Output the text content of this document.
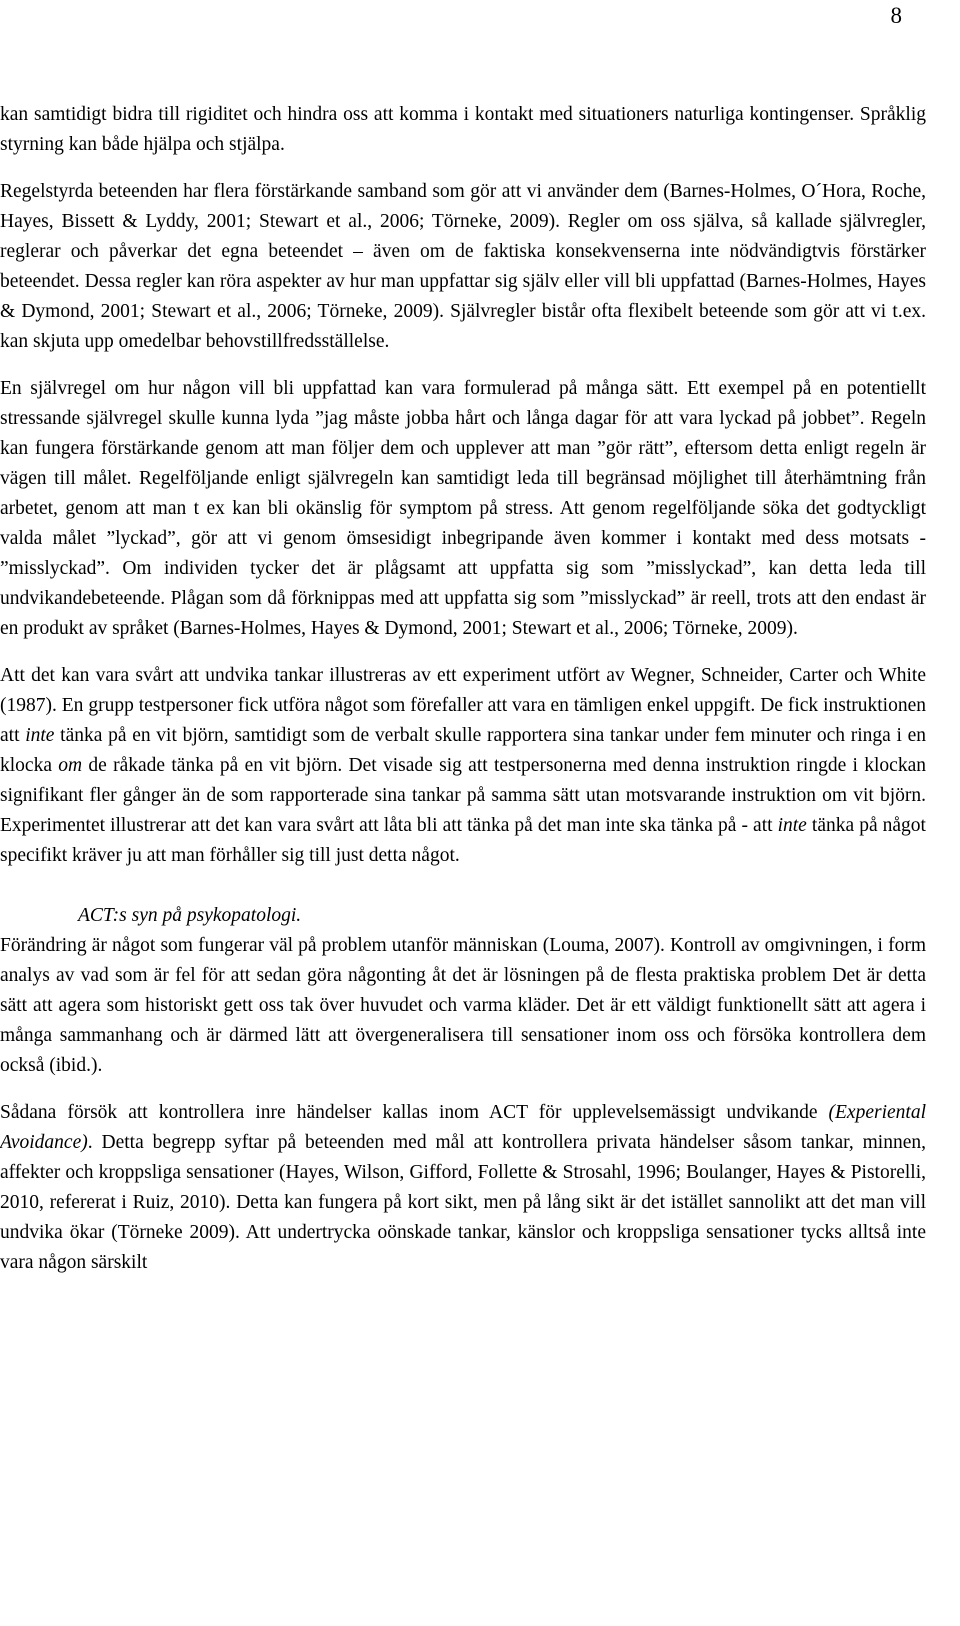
8

kan samtidigt bidra till rigiditet och hindra oss att komma i kontakt med situationers naturliga kontingenser. Språklig styrning kan både hjälpa och stjälpa.

Regelstyrda beteenden har flera förstärkande samband som gör att vi använder dem (Barnes-Holmes, O´Hora, Roche, Hayes, Bissett & Lyddy, 2001; Stewart et al., 2006; Törneke, 2009). Regler om oss själva, så kallade självregler, reglerar och påverkar det egna beteendet – även om de faktiska konsekvenserna inte nödvändigtvis förstärker beteendet. Dessa regler kan röra aspekter av hur man uppfattar sig själv eller vill bli uppfattad (Barnes-Holmes, Hayes & Dymond, 2001; Stewart et al., 2006; Törneke, 2009). Självregler bistår ofta flexibelt beteende som gör att vi t.ex. kan skjuta upp omedelbar behovstillfredsställelse.

En självregel om hur någon vill bli uppfattad kan vara formulerad på många sätt. Ett exempel på en potentiellt stressande självregel skulle kunna lyda ”jag måste jobba hårt och långa dagar för att vara lyckad på jobbet”. Regeln kan fungera förstärkande genom att man följer dem och upplever att man ”gör rätt”, eftersom detta enligt regeln är vägen till målet. Regelföljande enligt självregeln kan samtidigt leda till begränsad möjlighet till återhämtning från arbetet, genom att man t ex kan bli okänslig för symptom på stress. Att genom regelföljande söka det godtyckligt valda målet ”lyckad”, gör att vi genom ömsesidigt inbegripande även kommer i kontakt med dess motsats - ”misslyckad”. Om individen tycker det är plågsamt att uppfatta sig som ”misslyckad”, kan detta leda till undvikandebeteende. Plågan som då förknippas med att uppfatta sig som ”misslyckad” är reell, trots att den endast är en produkt av språket (Barnes-Holmes, Hayes & Dymond, 2001; Stewart et al., 2006; Törneke, 2009).

Att det kan vara svårt att undvika tankar illustreras av ett experiment utfört av Wegner, Schneider, Carter och White (1987). En grupp testpersoner fick utföra något som förefaller att vara en tämligen enkel uppgift. De fick instruktionen att inte tänka på en vit björn, samtidigt som de verbalt skulle rapportera sina tankar under fem minuter och ringa i en klocka om de råkade tänka på en vit björn. Det visade sig att testpersonerna med denna instruktion ringde i klockan signifikant fler gånger än de som rapporterade sina tankar på samma sätt utan motsvarande instruktion om vit björn. Experimentet illustrerar att det kan vara svårt att låta bli att tänka på det man inte ska tänka på - att inte tänka på något specifikt kräver ju att man förhåller sig till just detta något.

ACT:s syn på psykopatologi.

Förändring är något som fungerar väl på problem utanför människan (Louma, 2007). Kontroll av omgivningen, i form analys av vad som är fel för att sedan göra någonting åt det är lösningen på de flesta praktiska problem Det är detta sätt att agera som historiskt gett oss tak över huvudet och varma kläder. Det är ett väldigt funktionellt sätt att agera i många sammanhang och är därmed lätt att övergeneralisera till sensationer inom oss och försöka kontrollera dem också (ibid.).

Sådana försök att kontrollera inre händelser kallas inom ACT för upplevelsemässigt undvikande (Experiental Avoidance). Detta begrepp syftar på beteenden med mål att kontrollera privata händelser såsom tankar, minnen, affekter och kroppsliga sensationer (Hayes, Wilson, Gifford, Follette & Strosahl, 1996; Boulanger, Hayes & Pistorelli, 2010, refererat i Ruiz, 2010). Detta kan fungera på kort sikt, men på lång sikt är det istället sannolikt att det man vill undvika ökar (Törneke 2009). Att undertrycka oönskade tankar, känslor och kroppsliga sensationer tycks alltså inte vara någon särskilt
